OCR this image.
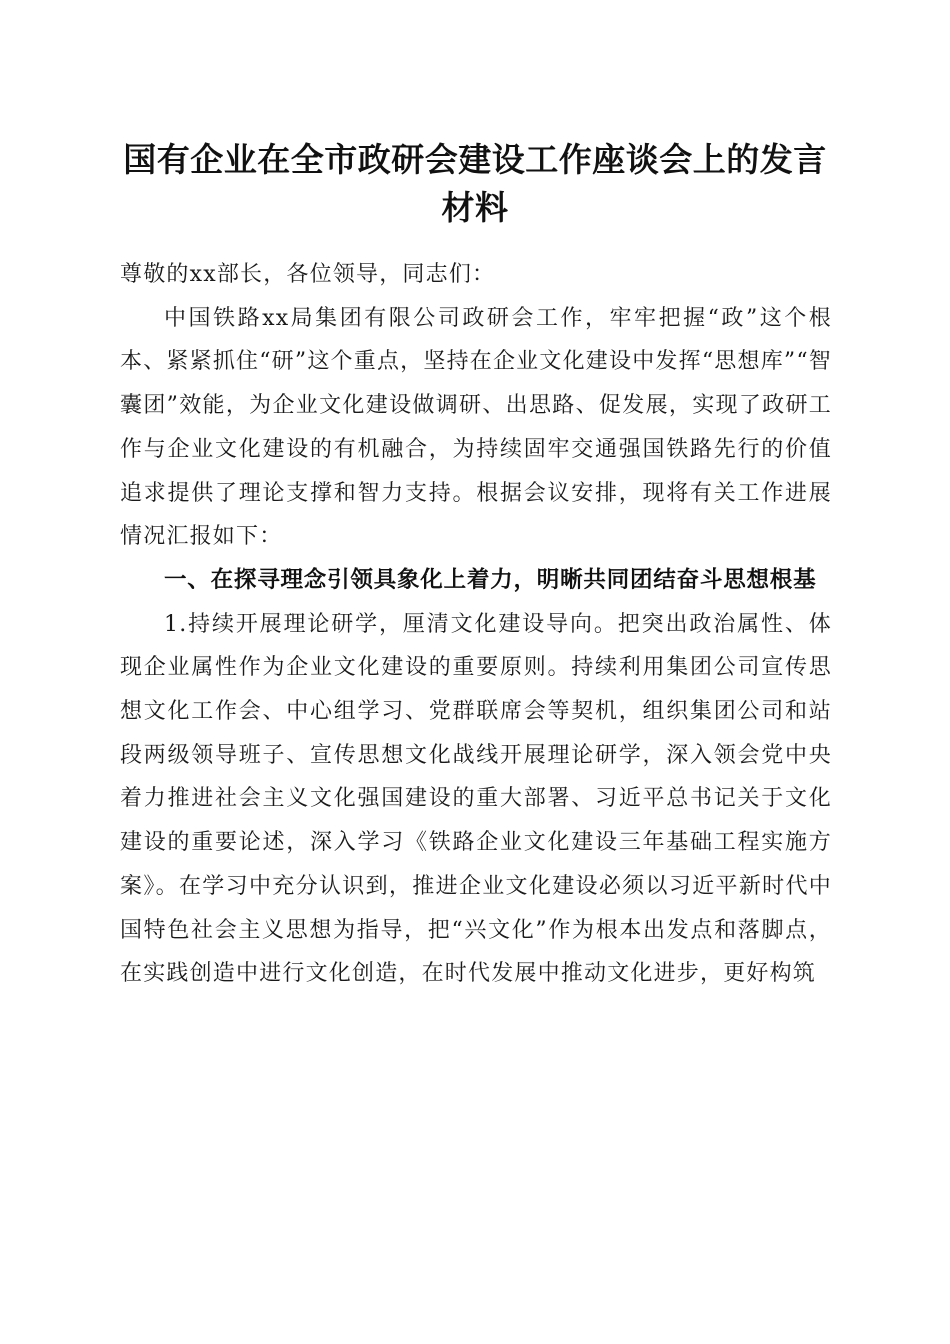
国有企业在全市政研会建设工作座谈会上的发言材料

尊敬的xx部长，各位领导，同志们：

中国铁路xx局集团有限公司政研会工作，牢牢把握“政”这个根本、紧紧抓住“研”这个重点，坚持在企业文化建设中发挥“思想库”“智囊团”效能，为企业文化建设做调研、出思路、促发展，实现了政研工作与企业文化建设的有机融合，为持续固牢交通强国铁路先行的价值追求提供了理论支撑和智力支持。根据会议安排，现将有关工作进展情况汇报如下：

一、在探寻理念引领具象化上着力，明晰共同团结奋斗思想根基

1.持续开展理论研学，厘清文化建设导向。把突出政治属性、体现企业属性作为企业文化建设的重要原则。持续利用集团公司宣传思想文化工作会、中心组学习、党群联席会等契机，组织集团公司和站段两级领导班子、宣传思想文化战线开展理论研学，深入领会党中央着力推进社会主义文化强国建设的重大部署、习近平总书记关于文化建设的重要论述，深入学习《铁路企业文化建设三年基础工程实施方案》。在学习中充分认识到，推进企业文化建设必须以习近平新时代中国特色社会主义思想为指导，把“兴文化”作为根本出发点和落脚点，在实践创造中进行文化创造，在时代发展中推动文化进步，更好构筑
